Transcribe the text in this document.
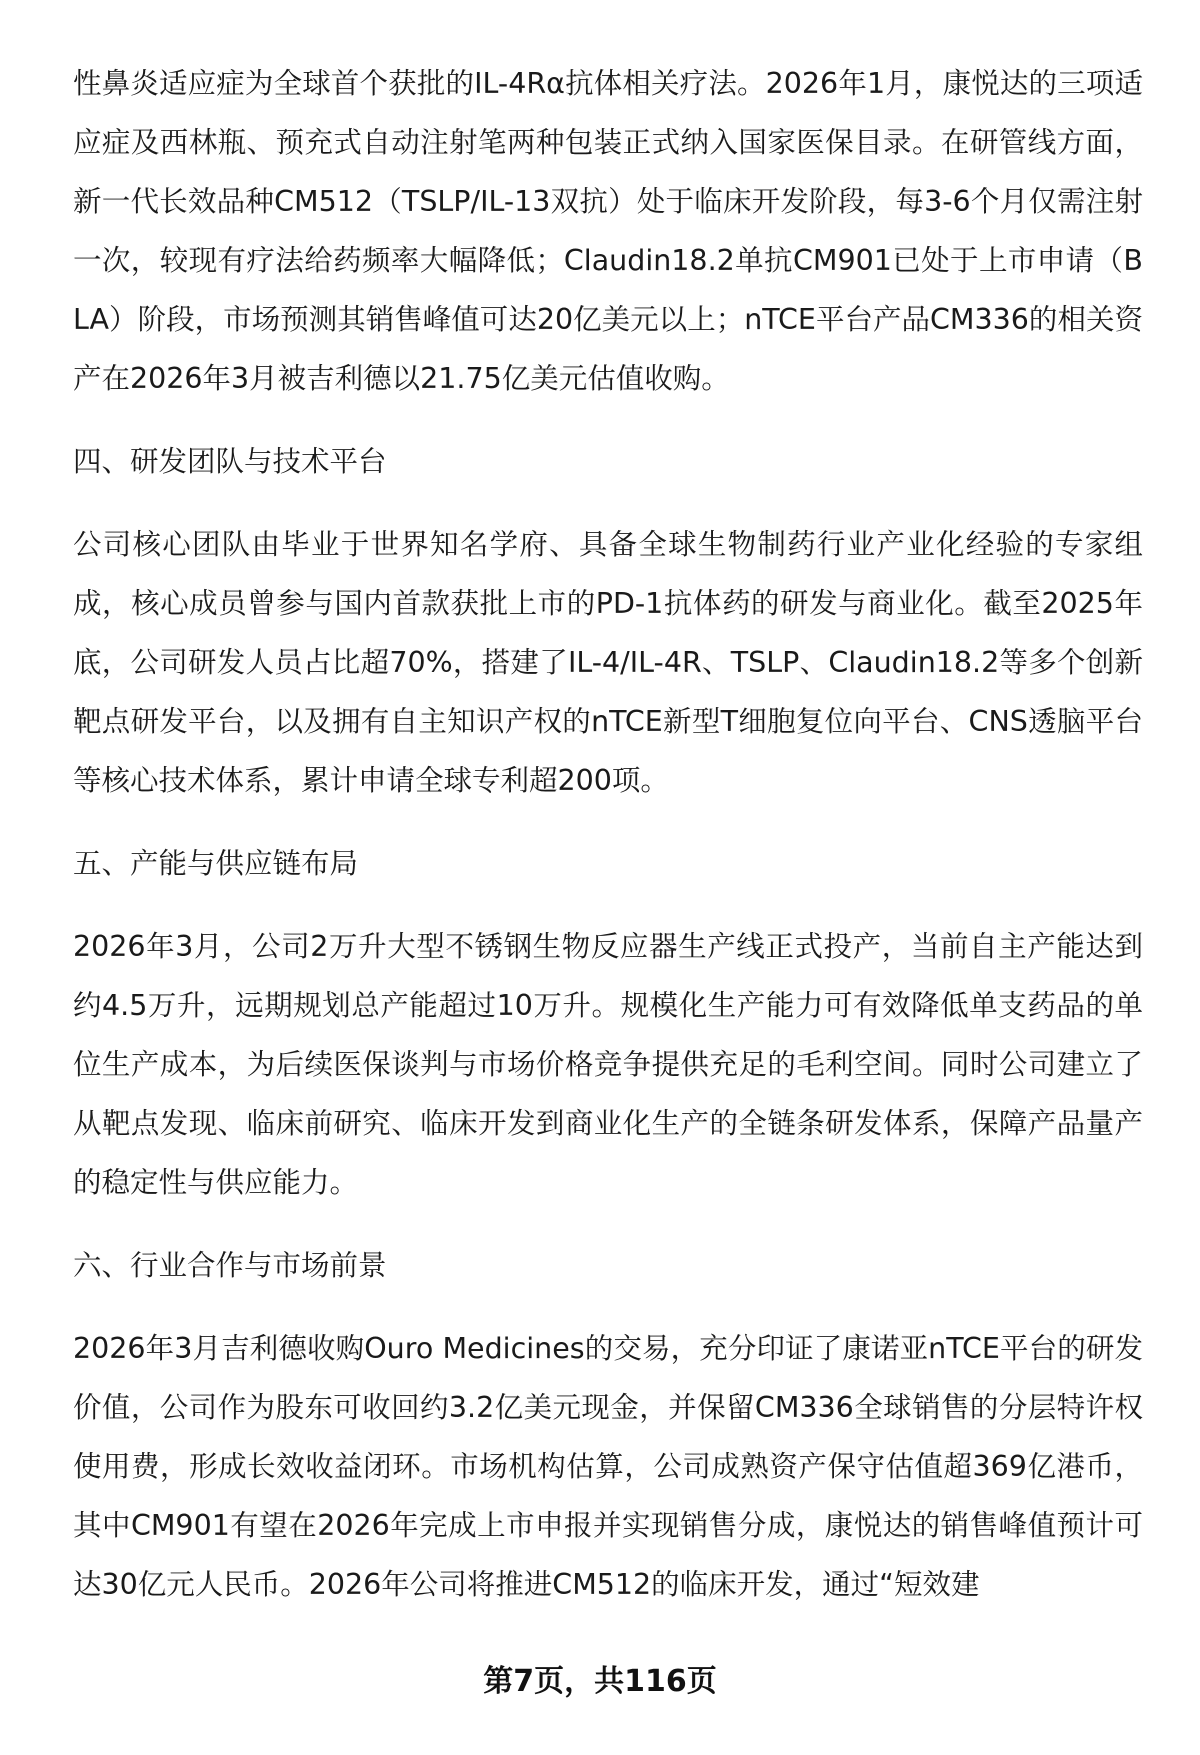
性鼻炎适应症为全球首个获批的IL-4Rα抗体相关疗法。2026年1月，康悦达的三项适应症及西林瓶、预充式自动注射笔两种包装正式纳入国家医保目录。在研管线方面，新一代长效品种CM512（TSLP/IL-13双抗）处于临床开发阶段，每3-6个月仅需注射一次，较现有疗法给药频率大幅降低；Claudin18.2单抗CM901已处于上市申请（BLA）阶段，市场预测其销售峰值可达20亿美元以上；nTCE平台产品CM336的相关资产在2026年3月被吉利德以21.75亿美元估值收购。

四、研发团队与技术平台

公司核心团队由毕业于世界知名学府、具备全球生物制药行业产业化经验的专家组成，核心成员曾参与国内首款获批上市的PD-1抗体药的研发与商业化。截至2025年底，公司研发人员占比超70%，搭建了IL-4/IL-4R、TSLP、Claudin18.2等多个创新靶点研发平台，以及拥有自主知识产权的nTCE新型T细胞复位向平台、CNS透脑平台等核心技术体系，累计申请全球专利超200项。

五、产能与供应链布局

2026年3月，公司2万升大型不锈钢生物反应器生产线正式投产，当前自主产能达到约4.5万升，远期规划总产能超过10万升。规模化生产能力可有效降低单支药品的单位生产成本，为后续医保谈判与市场价格竞争提供充足的毛利空间。同时公司建立了从靶点发现、临床前研究、临床开发到商业化生产的全链条研发体系，保障产品量产的稳定性与供应能力。

六、行业合作与市场前景

2026年3月吉利德收购Ouro Medicines的交易，充分印证了康诺亚nTCE平台的研发价值，公司作为股东可收回约3.2亿美元现金，并保留CM336全球销售的分层特许权使用费，形成长效收益闭环。市场机构估算，公司成熟资产保守估值超369亿港币，其中CM901有望在2026年完成上市申报并实现销售分成，康悦达的销售峰值预计可达30亿元人民币。2026年公司将推进CM512的临床开发，通过“短效建

第7页，共116页
